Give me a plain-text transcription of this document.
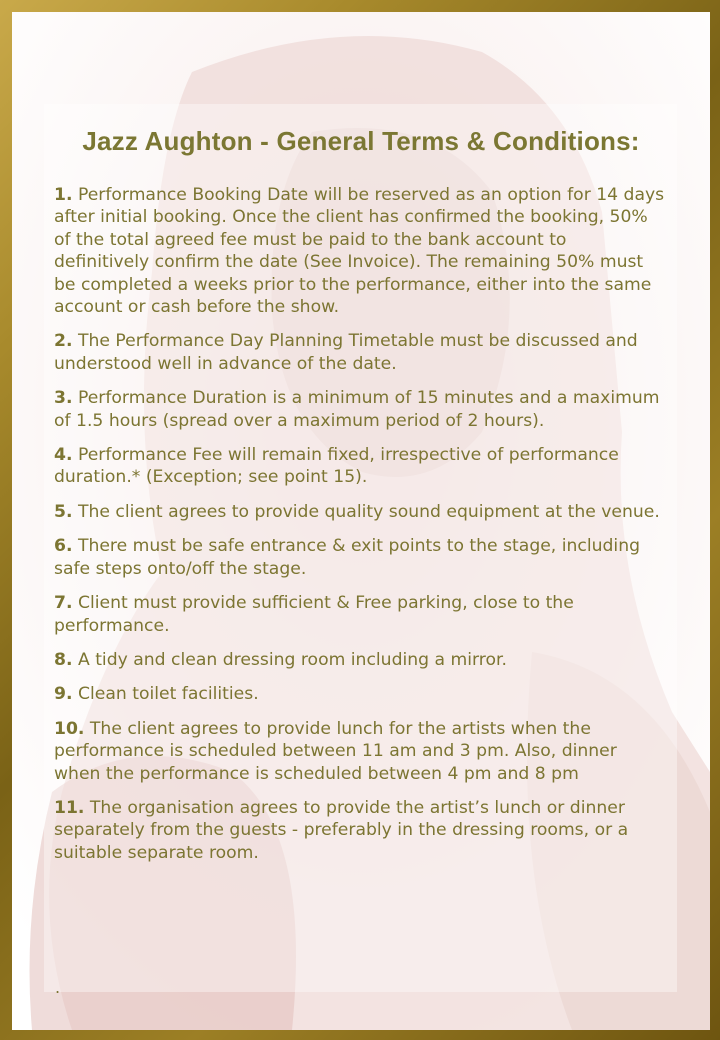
Jazz Aughton - General Terms & Conditions:
1. Performance Booking Date will be reserved as an option for 14 days after initial booking. Once the client has confirmed the booking, 50% of the total agreed fee must be paid to the bank account to definitively confirm the date (See Invoice). The remaining 50% must be completed a weeks prior to the performance, either into the same account or cash before the show.
2. The Performance Day Planning Timetable must be discussed and understood well in advance of the date.
3. Performance Duration is a minimum of 15 minutes and a maximum of 1.5 hours (spread over a maximum period of 2 hours).
4. Performance Fee will remain fixed, irrespective of performance duration.* (Exception; see point 15).
5. The client agrees to provide quality sound equipment at the venue.
6. There must be safe entrance & exit points to the stage, including safe steps onto/off the stage.
7. Client must provide sufficient & Free parking, close to the performance.
8. A tidy and clean dressing room including a mirror.
9. Clean toilet facilities.
10. The client agrees to provide lunch for the artists when the performance is scheduled between 11 am and 3 pm. Also, dinner when the performance is scheduled between 4 pm and 8 pm
11. The organisation agrees to provide the artist’s lunch or dinner separately from the guests - preferably in the dressing rooms, or a suitable separate room.
.
